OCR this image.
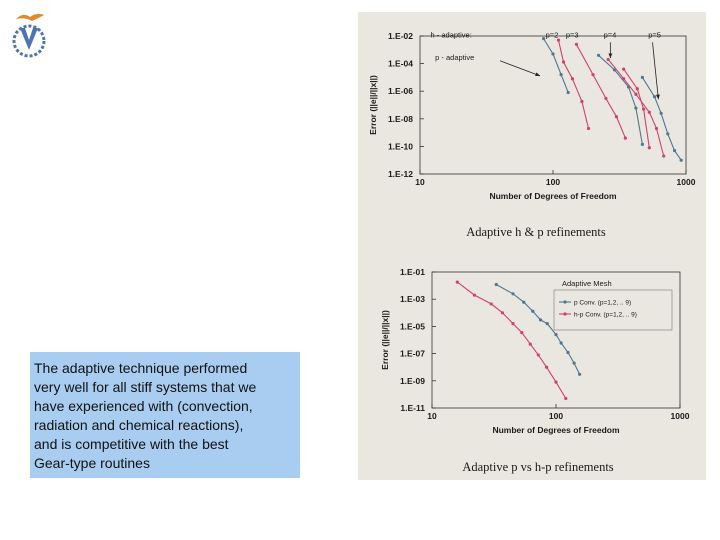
The adaptive technique performed
very well for all stiff systems that we
have experienced with (convection,
radiation and chemical reactions),
and is competitive with the best
Gear-type routines

1.E-02
1.E-04
1.E-06
1.E-08
1.E-10
1.E-12
10	100	1000
Number of Degrees of Freedom
Error (||e||/||x||)
Adaptive h & p refinements
h - adaptive:
p - adaptive
p=2 p=3	p=4	p=5
1.E-01
1.E-03
1.E-05
1.E-07
1.E-09
1.E-11
10	100	1000
Number of Degrees of Freedom
Error (||e||/||x||)
Adaptive p vs h-p refinements
Adaptive Mesh
p Conv. (p=1,2, .. 9)
h-p Conv. (p=1,2, .. 9)
